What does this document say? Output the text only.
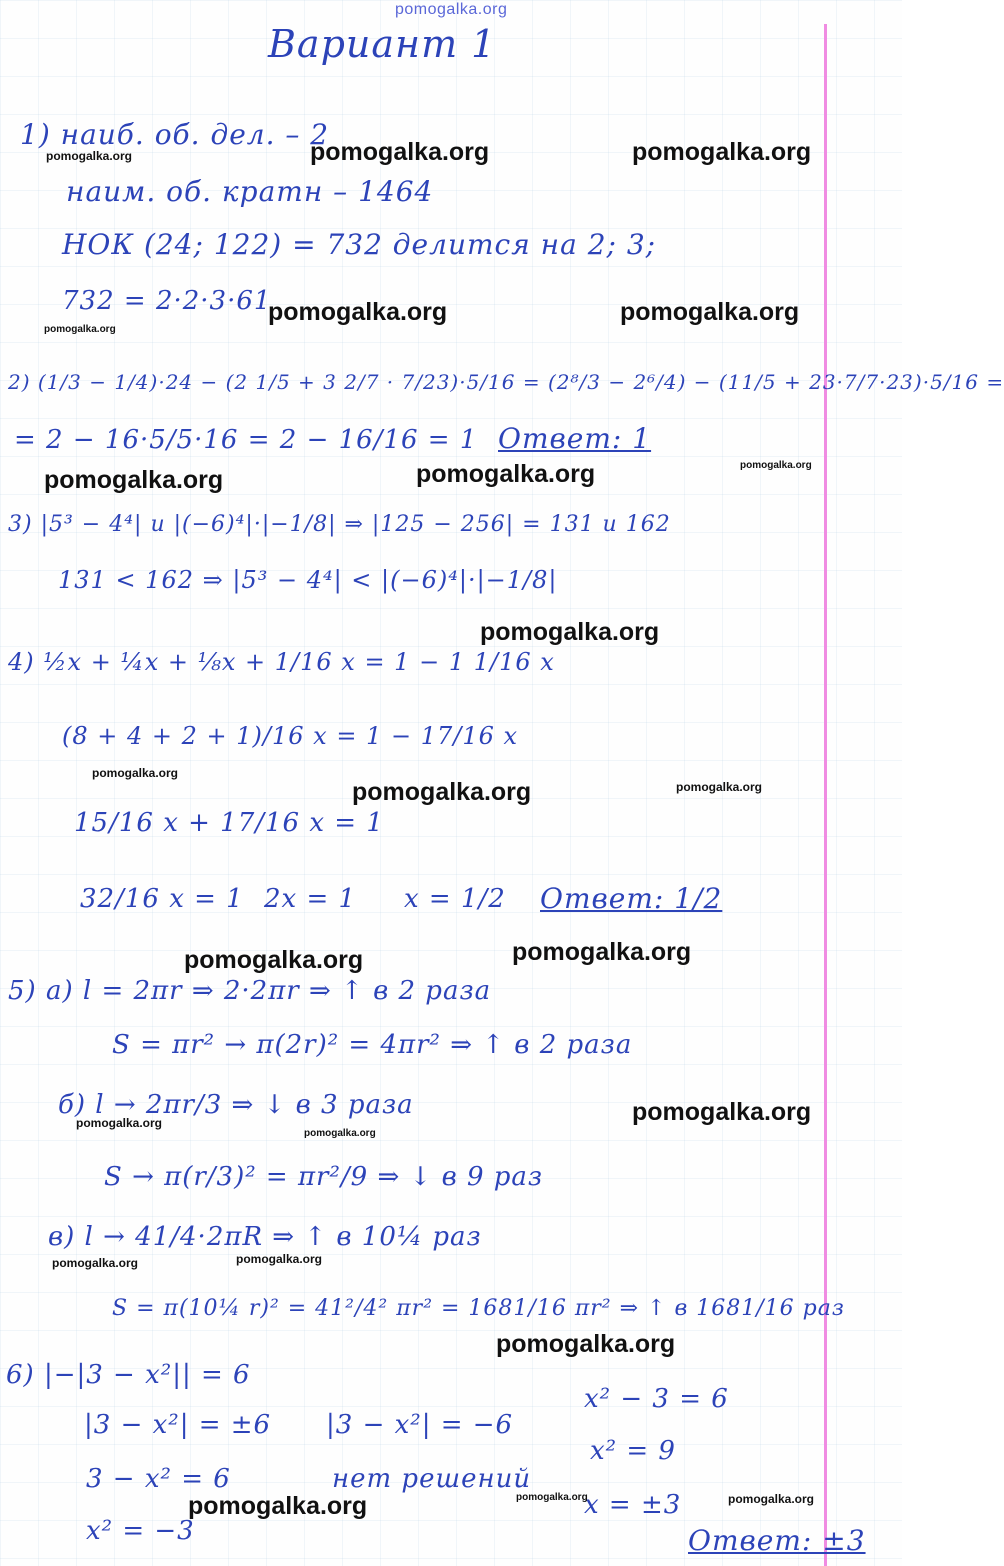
pomogalka.org
Вариант 1
1) наиб. об. дел. – 2
наим. об. кратн – 1464
НОК (24; 122) = 732 делится на 2; 3;
732 = 2·2·3·61
2) (1/3 − 1/4)·24 − (2 1/5 + 3 2/7 · 7/23)·5/16 = (2⁸/3 − 2⁶/4) − (11/5 + 23·7/7·23)·5/16 =
= 2 − 16·5/5·16 = 2 − 16/16 = 1 Ответ: 1
3) |5³ − 4⁴| и |(−6)⁴|·|−1/8| ⇒ |125 − 256| = 131 и 162
131 < 162 ⇒ |5³ − 4⁴| < |(−6)⁴|·|−1/8|
4) ½x + ¼x + ⅛x + 1/16 x = 1 − 1 1/16 x
(8 + 4 + 2 + 1)/16 x = 1 − 17/16 x
15/16 x + 17/16 x = 1
32/16 x = 1 2x = 1 x = 1/2 Ответ: 1/2
5) а) l = 2πr ⇒ 2·2πr ⇒ ↑ в 2 раза
S = πr² → π(2r)² = 4πr² ⇒ ↑ в 2 раза
б) l → 2πr/3 ⇒ ↓ в 3 раза
S → π(r/3)² = πr²/9 ⇒ ↓ в 9 раз
в) l → 41/4·2πR ⇒ ↑ в 10¼ раз
S = π(10¼ r)² = 41²/4² πr² = 1681/16 πr² ⇒ ↑ в 1681/16 раз
6) |−|3 − x²|| = 6
|3 − x²| = ±6 |3 − x²| = −6
3 − x² = 6	нет решений
x² = −3
x² − 3 = 6
x² = 9
x = ±3
Ответ: ±3
pomogalka.org	pomogalka.org	pomogalka.org
pomogalka.org	pomogalka.org
pomogalka.org
pomogalka.org	pomogalka.org	pomogalka.org
pomogalka.org
pomogalka.org
pomogalka.org	pomogalka.org
pomogalka.org	pomogalka.org
pomogalka.org
pomogalka.org
pomogalka.org
pomogalka.org	pomogalka.org
pomogalka.org
pomogalka.org	pomogalka.org	pomogalka.org
